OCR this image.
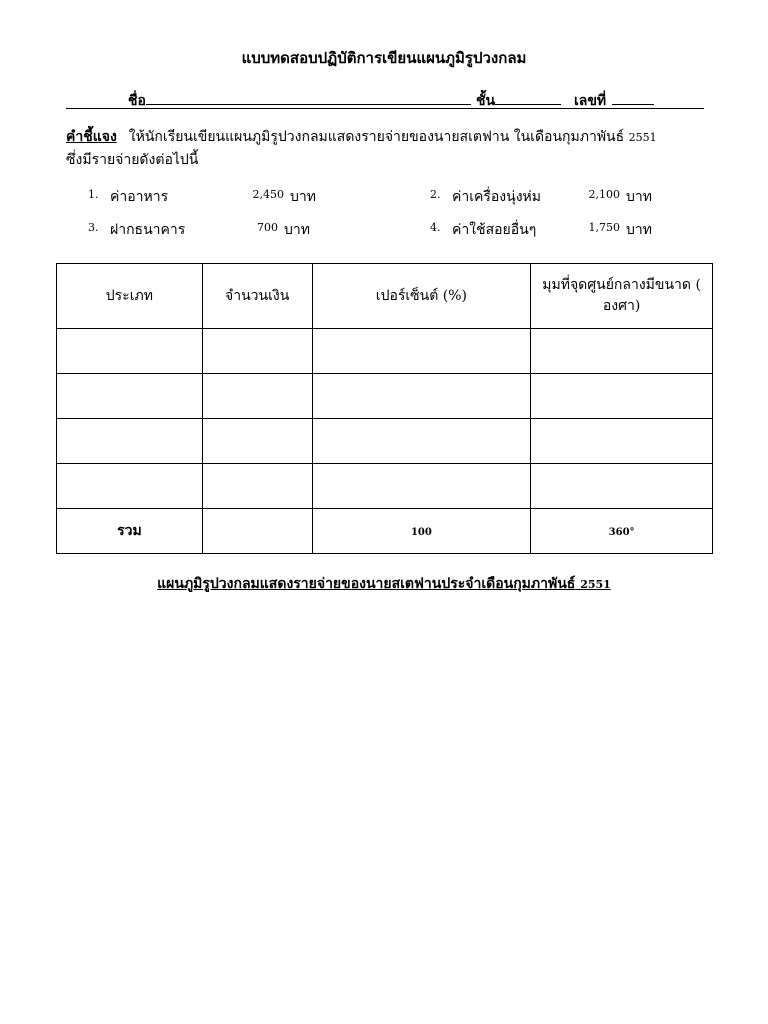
แบบทดสอบปฏิบัติการเขียนแผนภูมิรูปวงกลม
ชื่อ	ชั้น	เลขที่
คำชี้แจง ให้นักเรียนเขียนแผนภูมิรูปวงกลมแสดงรายจ่ายของนายสเตฟาน ในเดือนกุมภาพันธ์ 2551
ซึ่งมีรายจ่ายดังต่อไปนี้
1. ค่าอาหาร	2,450 บาท	2. ค่าเครื่องนุ่งห่ม	2,100 บาท
3. ฝากธนาคาร	700 บาท	4. ค่าใช้สอยอื่นๆ	1,750 บาท
ประเภท	จำนวนเงิน	เปอร์เซ็นต์ (%)	มุมที่จุดศูนย์กลางมีขนาด (
องศา)

รวม		100	360°
แผนภูมิรูปวงกลมแสดงรายจ่ายของนายสเตฟานประจำเดือนกุมภาพันธ์ 2551
